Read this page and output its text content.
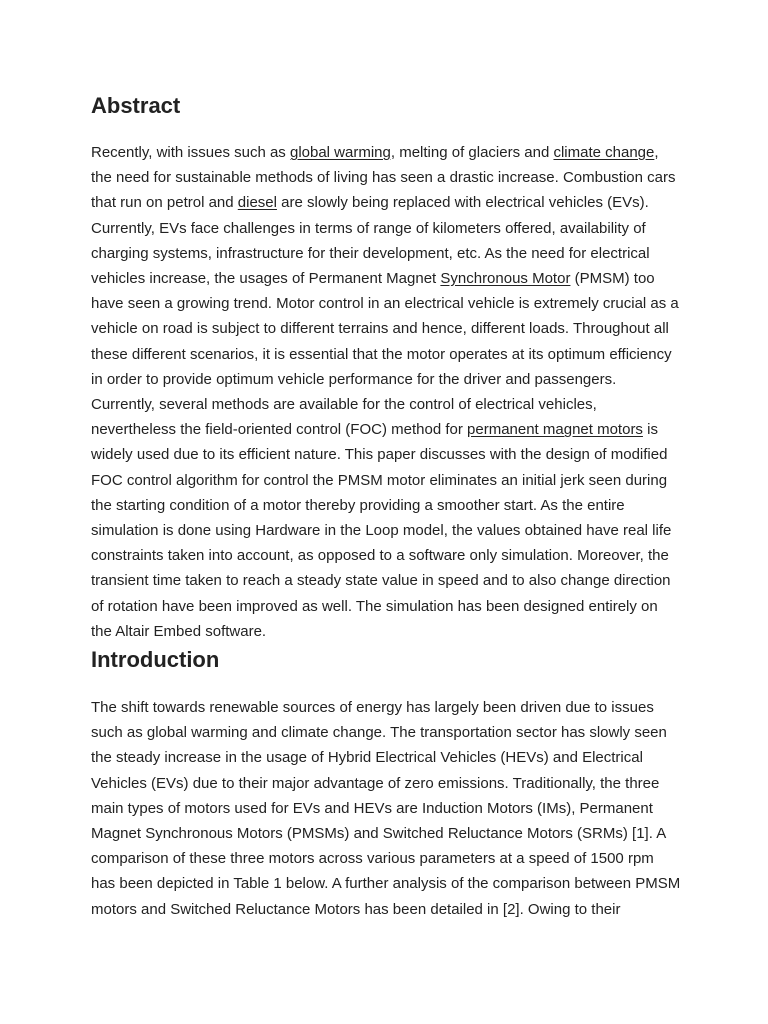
Abstract

Recently, with issues such as global warming, melting of glaciers and climate change, the need for sustainable methods of living has seen a drastic increase. Combustion cars that run on petrol and diesel are slowly being replaced with electrical vehicles (EVs). Currently, EVs face challenges in terms of range of kilometers offered, availability of charging systems, infrastructure for their development, etc. As the need for electrical vehicles increase, the usages of Permanent Magnet Synchronous Motor (PMSM) too have seen a growing trend. Motor control in an electrical vehicle is extremely crucial as a vehicle on road is subject to different terrains and hence, different loads. Throughout all these different scenarios, it is essential that the motor operates at its optimum efficiency in order to provide optimum vehicle performance for the driver and passengers. Currently, several methods are available for the control of electrical vehicles, nevertheless the field-oriented control (FOC) method for permanent magnet motors is widely used due to its efficient nature. This paper discusses with the design of modified FOC control algorithm for control the PMSM motor eliminates an initial jerk seen during the starting condition of a motor thereby providing a smoother start. As the entire simulation is done using Hardware in the Loop model, the values obtained have real life constraints taken into account, as opposed to a software only simulation. Moreover, the transient time taken to reach a steady state value in speed and to also change direction of rotation have been improved as well. The simulation has been designed entirely on the Altair Embed software.

Introduction

The shift towards renewable sources of energy has largely been driven due to issues such as global warming and climate change. The transportation sector has slowly seen the steady increase in the usage of Hybrid Electrical Vehicles (HEVs) and Electrical Vehicles (EVs) due to their major advantage of zero emissions. Traditionally, the three main types of motors used for EVs and HEVs are Induction Motors (IMs), Permanent Magnet Synchronous Motors (PMSMs) and Switched Reluctance Motors (SRMs) [1]. A comparison of these three motors across various parameters at a speed of 1500 rpm has been depicted in Table 1 below. A further analysis of the comparison between PMSM motors and Switched Reluctance Motors has been detailed in [2]. Owing to their
